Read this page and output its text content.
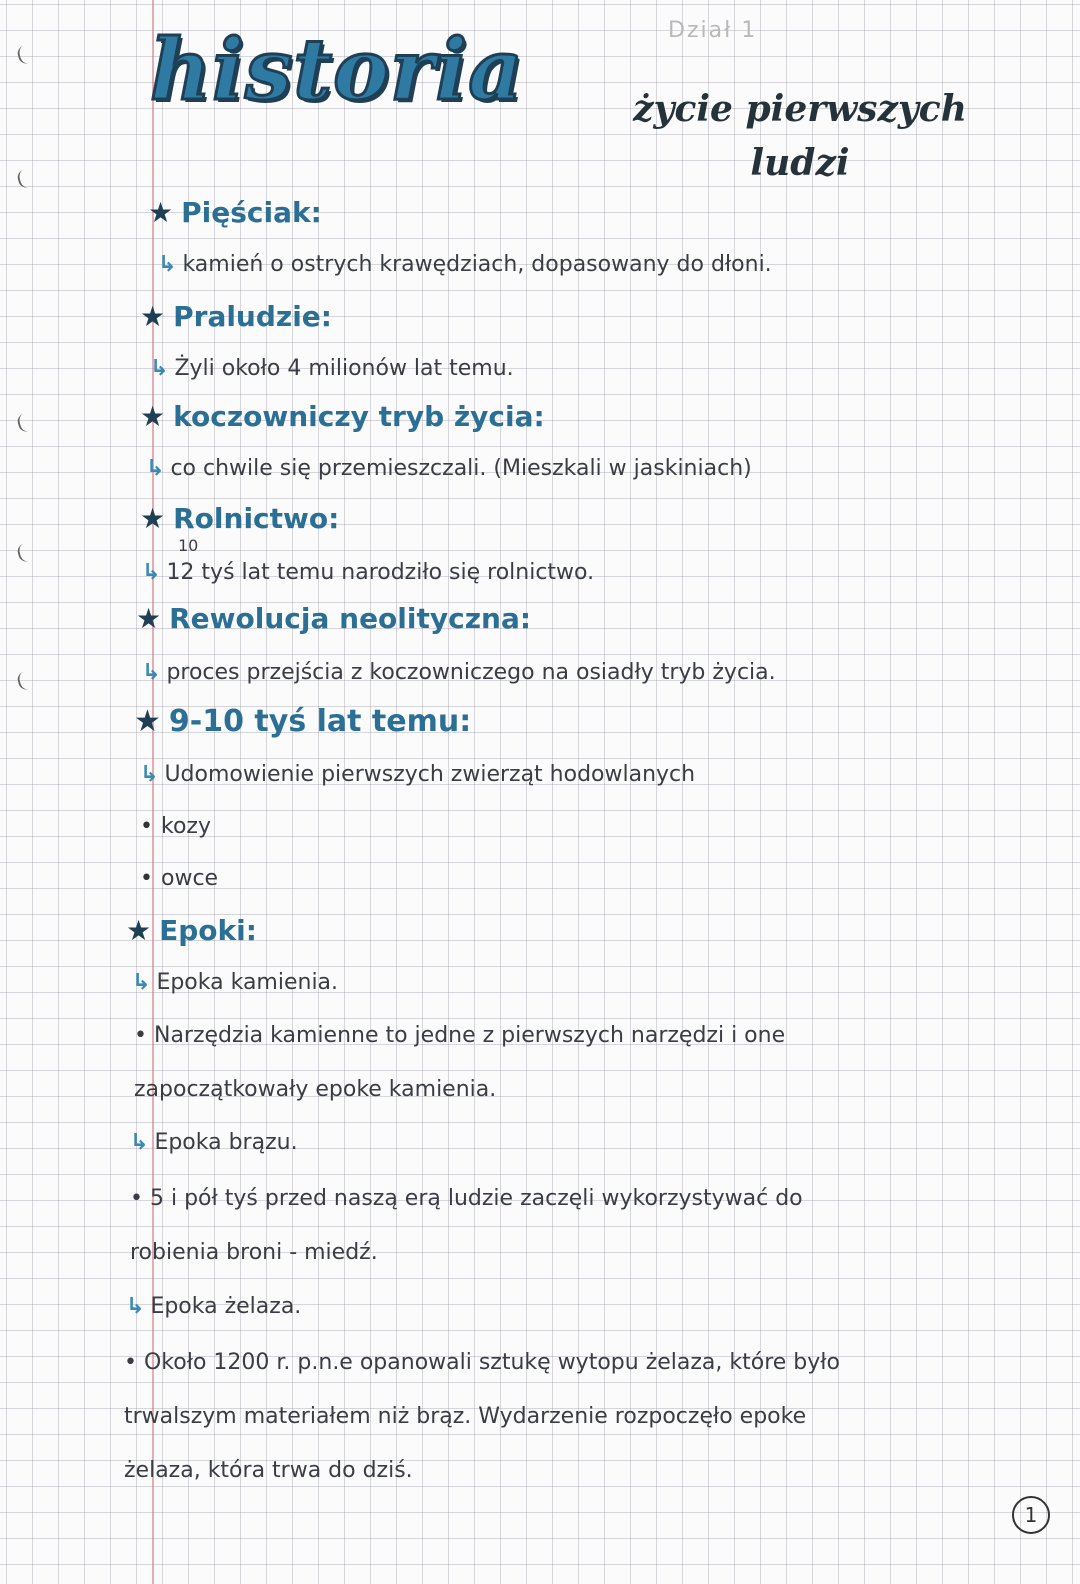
Dział 1
historia	życie pierwszych
ludzi
★ Pięściak:
↳ kamień o ostrych krawędziach, dopasowany do dłoni.
★ Praludzie:
↳ Żyli około 4 milionów lat temu.
★ koczowniczy tryb życia:
↳ co chwile się przemieszczali. (Mieszkali w jaskiniach)
★ Rolnictwo:
10
↳ 12 tyś lat temu narodziło się rolnictwo.
★ Rewolucja neolityczna:
↳ proces przejścia z koczowniczego na osiadły tryb życia.
★ 9-10 tyś lat temu:
↳ Udomowienie pierwszych zwierząt hodowlanych
• kozy
• owce
★ Epoki:
↳ Epoka kamienia.
• Narzędzia kamienne to jedne z pierwszych narzędzi i one
zapoczątkowały epoke kamienia.
↳ Epoka brązu.
• 5 i pół tyś przed naszą erą ludzie zaczęli wykorzystywać do
robienia broni - miedź.
↳ Epoka żelaza.
• Około 1200 r. p.n.e opanowali sztukę wytopu żelaza, które było
trwalszym materiałem niż brąz. Wydarzenie rozpoczęło epoke
żelaza, która trwa do dziś.
1
